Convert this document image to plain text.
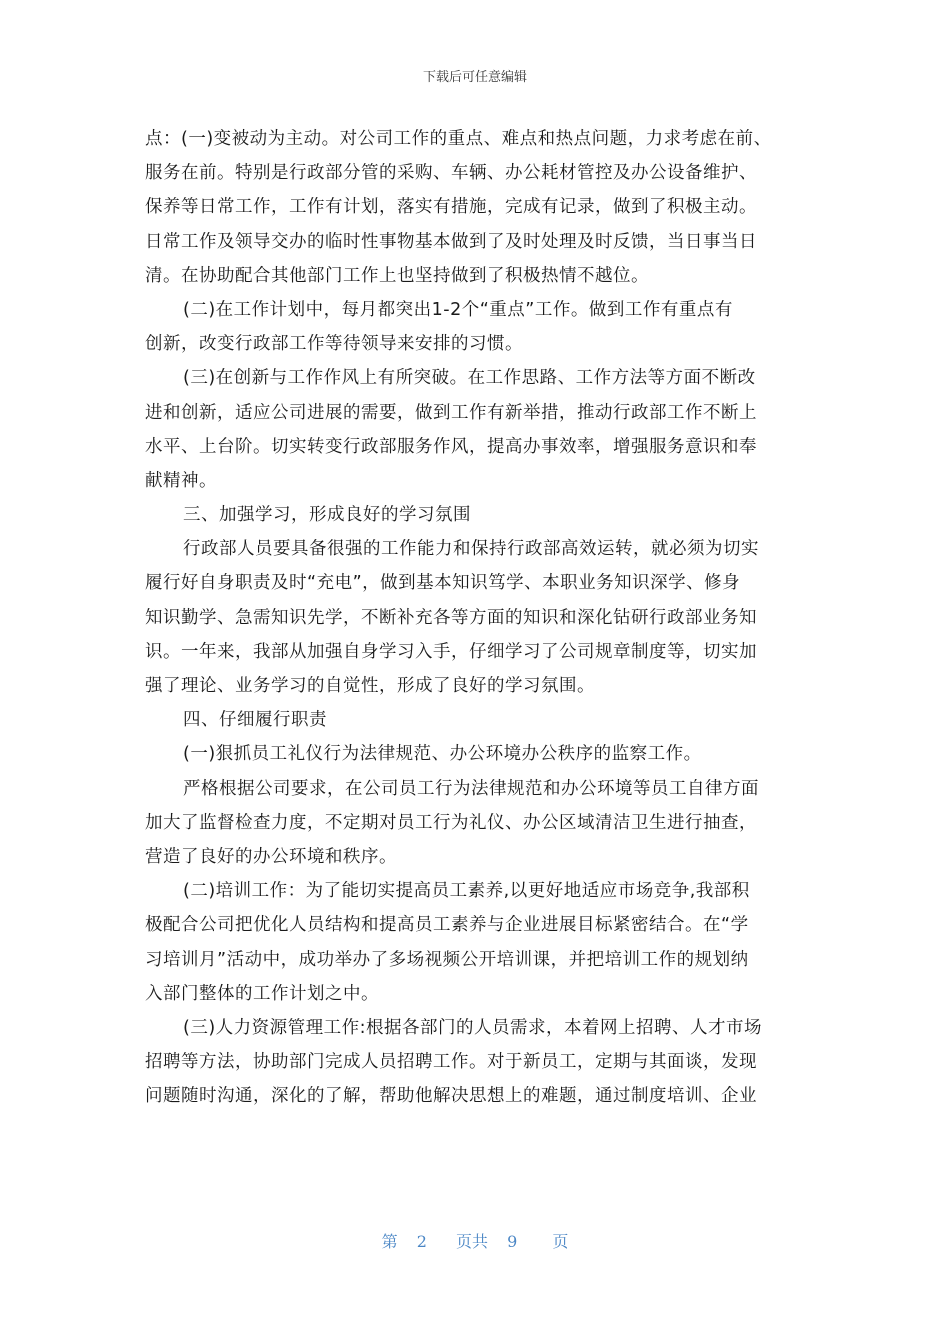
下载后可任意编辑
点：(一)变被动为主动。对公司工作的重点、难点和热点问题，力求考虑在前、
服务在前。特别是行政部分管的采购、车辆、办公耗材管控及办公设备维护、
保养等日常工作，工作有计划，落实有措施，完成有记录，做到了积极主动。
日常工作及领导交办的临时性事物基本做到了及时处理及时反馈，当日事当日
清。在协助配合其他部门工作上也坚持做到了积极热情不越位。
(二)在工作计划中，每月都突出1-2个“重点”工作。做到工作有重点有
创新，改变行政部工作等待领导来安排的习惯。
(三)在创新与工作作风上有所突破。在工作思路、工作方法等方面不断改
进和创新，适应公司进展的需要，做到工作有新举措，推动行政部工作不断上
水平、上台阶。切实转变行政部服务作风，提高办事效率，增强服务意识和奉
献精神。
三、加强学习，形成良好的学习氛围
行政部人员要具备很强的工作能力和保持行政部高效运转，就必须为切实
履行好自身职责及时“充电”，做到基本知识笃学、本职业务知识深学、修身
知识勤学、急需知识先学，不断补充各等方面的知识和深化钻研行政部业务知
识。一年来，我部从加强自身学习入手，仔细学习了公司规章制度等，切实加
强了理论、业务学习的自觉性，形成了良好的学习氛围。
四、仔细履行职责
(一)狠抓员工礼仪行为法律规范、办公环境办公秩序的监察工作。
严格根据公司要求，在公司员工行为法律规范和办公环境等员工自律方面
加大了监督检查力度，不定期对员工行为礼仪、办公区域清洁卫生进行抽查，
营造了良好的办公环境和秩序。
(二)培训工作：为了能切实提高员工素养,以更好地适应市场竞争,我部积
极配合公司把优化人员结构和提高员工素养与企业进展目标紧密结合。在“学
习培训月”活动中，成功举办了多场视频公开培训课，并把培训工作的规划纳
入部门整体的工作计划之中。
(三)人力资源管理工作:根据各部门的人员需求，本着网上招聘、人才市场
招聘等方法，协助部门完成人员招聘工作。对于新员工，定期与其面谈，发现
问题随时沟通，深化的了解，帮助他解决思想上的难题，通过制度培训、企业
第 2 页共 9 页
